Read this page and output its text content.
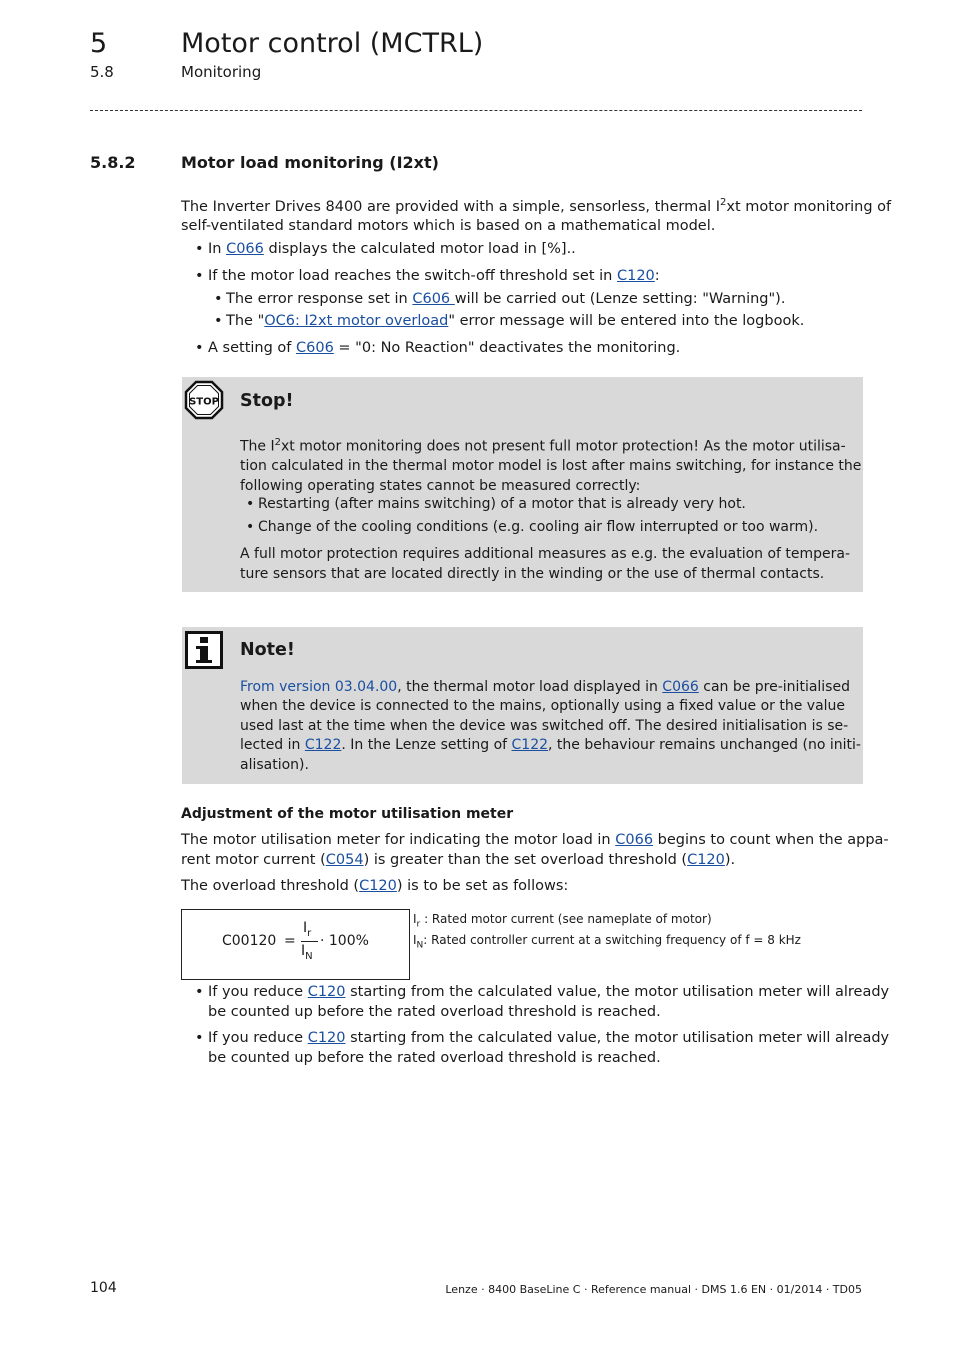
5	Motor control (MCTRL)
5.8	Monitoring
5.8.2	Motor load monitoring (I2xt)
The Inverter Drives 8400 are provided with a simple, sensorless, thermal $I^2xt$ motor monitoring of
self-ventilated standard motors which is based on a mathematical model.
• In C066 displays the calculated motor load in [%]..
• If the motor load reaches the switch-off threshold set in C120:
• The error response set in C606 will be carried out (Lenze setting: "Warning").
• The "OC6: I2xt motor overload" error message will be entered into the logbook.
• A setting of C606 = "0: No Reaction" deactivates the monitoring.
STOP Stop!
The $I^2xt$ motor monitoring does not present full motor protection! As the motor utilisa-
tion calculated in the thermal motor model is lost after mains switching, for instance the
following operating states cannot be measured correctly:
• Restarting (after mains switching) of a motor that is already very hot.
• Change of the cooling conditions (e.g. cooling air flow interrupted or too warm).
A full motor protection requires additional measures as e.g. the evaluation of tempera-
ture sensors that are located directly in the winding or the use of thermal contacts.
Note!
From version 03.04.00, the thermal motor load displayed in C066 can be pre-initialised
when the device is connected to the mains, optionally using a fixed value or the value
used last at the time when the device was switched off. The desired initialisation is se-
lected in C122. In the Lenze setting of C122, the behaviour remains unchanged (no initi-
alisation).
Adjustment of the motor utilisation meter
The motor utilisation meter for indicating the motor load in C066 begins to count when the appa-
rent motor current (C054) is greater than the set overload threshold (C120).
The overload threshold (C120) is to be set as follows:
C00120 =
$I_r$
$I_N$
· 100%
$I_r$ : Rated motor current (see nameplate of motor)
$I_N$: Rated controller current at a switching frequency of f = 8 kHz
• If you reduce C120 starting from the calculated value, the motor utilisation meter will already
be counted up before the rated overload threshold is reached.
• If you reduce C120 starting from the calculated value, the motor utilisation meter will already
be counted up before the rated overload threshold is reached.
104	Lenze · 8400 BaseLine C · Reference manual · DMS 1.6 EN · 01/2014 · TD05
